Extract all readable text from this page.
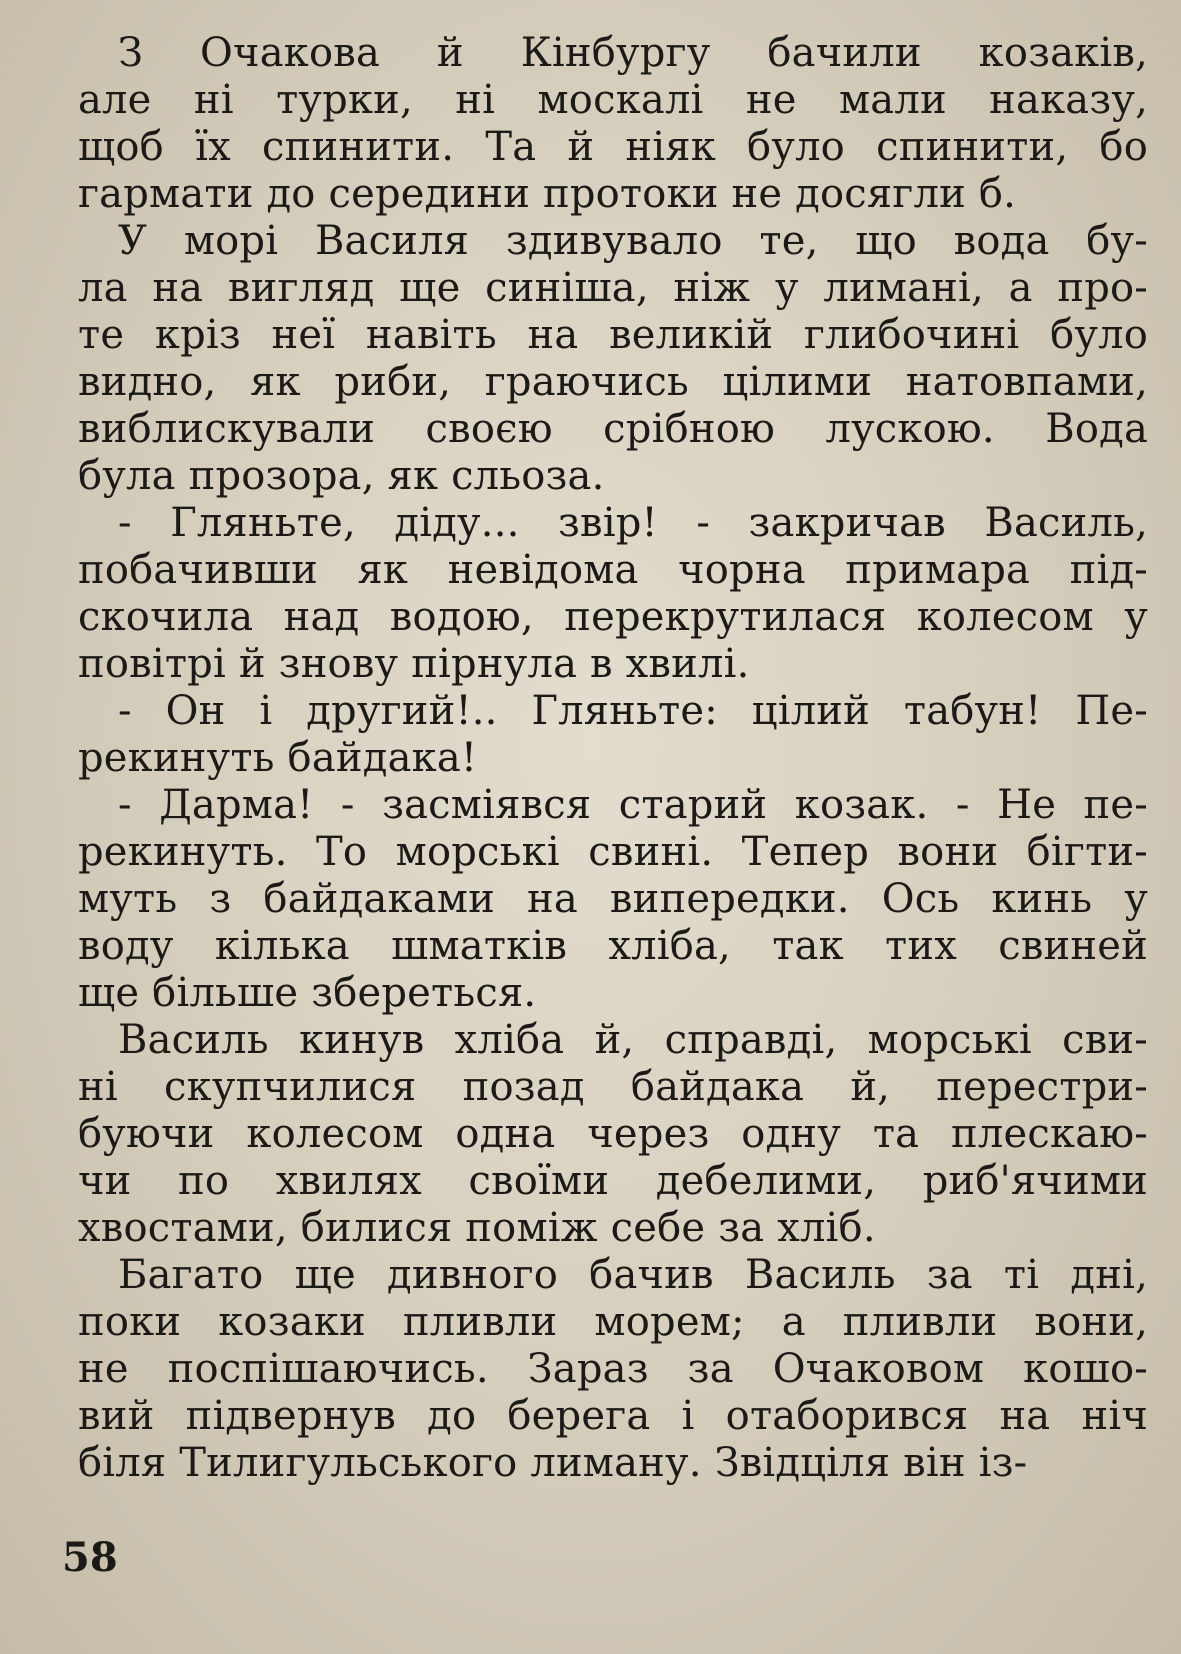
З Очакова й Кінбургу бачили козаків,
але ні турки, ні москалі не мали наказу,
щоб їх спинити. Та й ніяк було спинити, бо
гармати до середини протоки не досягли б.
У морі Василя здивувало те, що вода бу-
ла на вигляд ще синіша, ніж у лимані, а про-
те кріз неї навіть на великій глибочині було
видно, як риби, граючись цілими натовпами,
виблискували своєю срібною лускою. Вода
була прозора, як сльоза.
- Гляньте, діду... звір! - закричав Василь,
побачивши як невідома чорна примара під-
скочила над водою, перекрутилася колесом у
повітрі й знову пірнула в хвилі.
- Он і другий!.. Гляньте: цілий табун! Пе-
рекинуть байдака!
- Дарма! - засміявся старий козак. - Не пе-
рекинуть. То морські свині. Тепер вони бігти-
муть з байдаками на випередки. Ось кинь у
воду кілька шматків хліба, так тих свиней
ще більше збереться.
Василь кинув хліба й, справді, морські сви-
ні скупчилися позад байдака й, перестри-
буючи колесом одна через одну та плескаю-
чи по хвилях своїми дебелими, риб'ячими
хвостами, билися поміж себе за хліб.
Багато ще дивного бачив Василь за ті дні,
поки козаки пливли морем; а пливли вони,
не поспішаючись. Зараз за Очаковом кошо-
вий підвернув до берега і отаборився на ніч
біля Тилигульського лиману. Звідціля він із-
58
